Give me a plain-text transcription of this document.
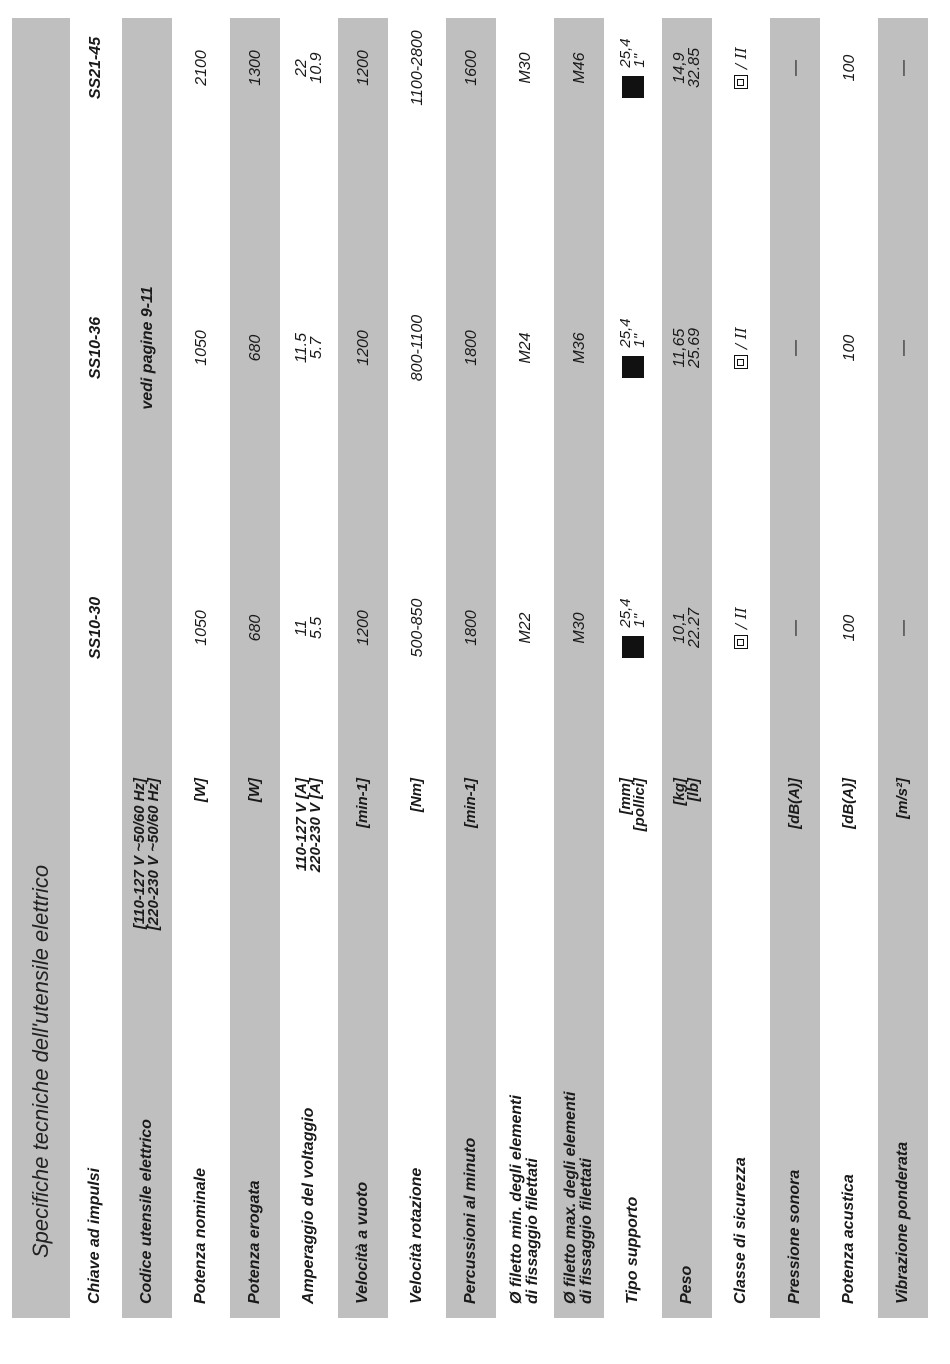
Specifiche tecniche dell'utensile elettrico	Chiave ad impulsi
SS10-30
SS10-36
SS21-45
Codice utensile elettrico
[110-127 V ~50/60 Hz]
[220-230 V ~50/60 Hz]
vedi pagine 9-11
Potenza nominale
[W]
1050
1050
2100
Potenza erogata
[W]
680
680
1300
Amperaggio del voltaggio
110-127 V [A]
220-230 V [A]
11
5.5
11.5
5.7
22
10.9
Velocità a vuoto
[min-1]
1200
1200
1200
Velocità rotazione
[Nm]
500-850
800-1100
1100-2800
Percussioni al minuto
[min-1]
1800
1800
1600
Ø filetto min. degli elementi di fissaggio filettati
M22
M24
M30
Ø filetto max. degli elementi di fissaggio filettati
M30
M36
M46
Tipo supporto
[mm]
[pollici]
25,4
1"
25,4
1"
25,4
1"
Peso
[kg]
[lb]
10,1
22.27
11,65
25.69
14,9
32.85
Classe di sicurezza
/ II
/ II
/ II
Pressione sonora
[dB(A)]
—
—
—
Potenza acustica
[dB(A)]
100
100
100
Vibrazione ponderata
[m/s²]
—
—
—
